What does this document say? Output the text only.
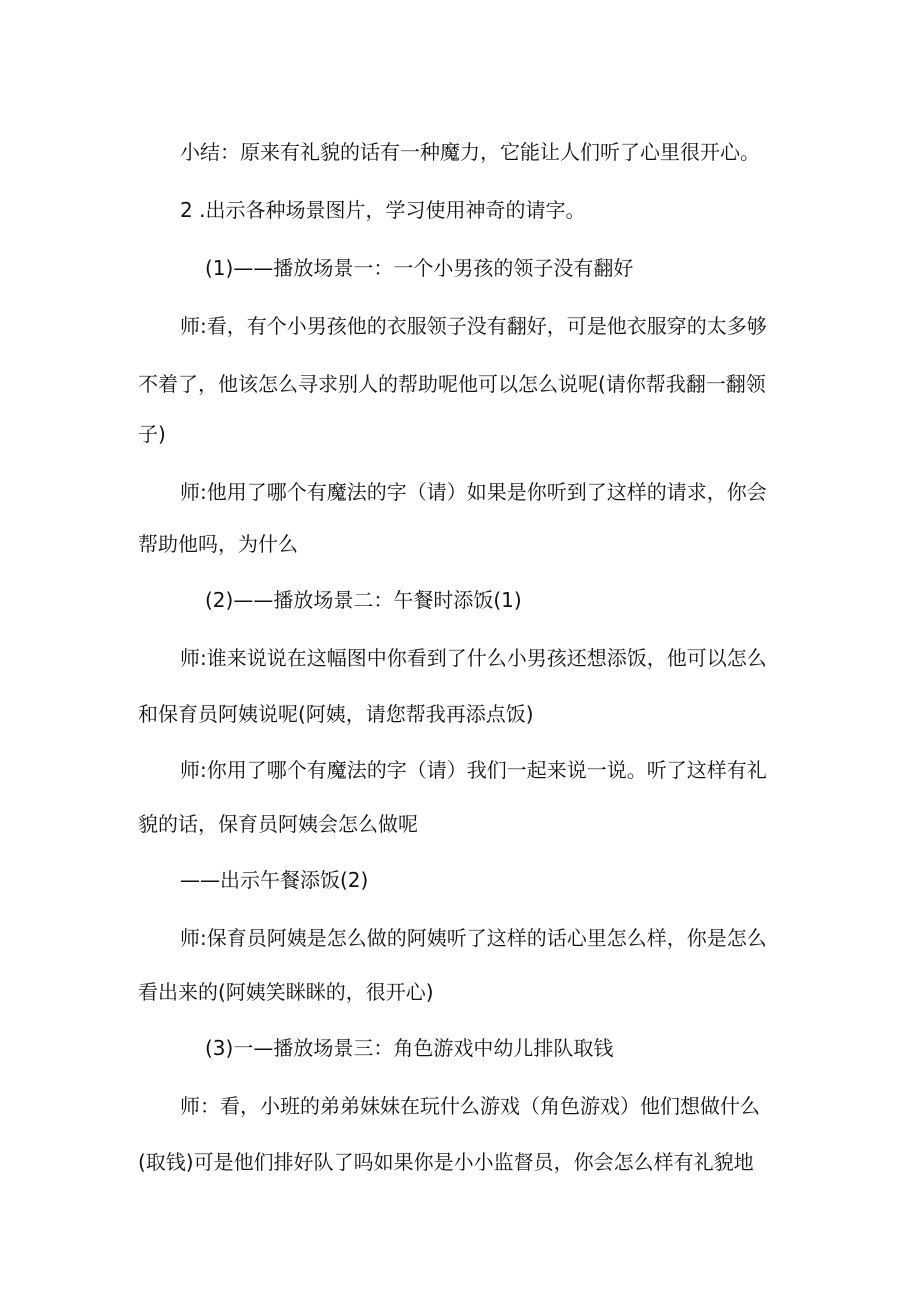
小结：原来有礼貌的话有一种魔力，它能让人们听了心里很开心。
2 .出示各种场景图片，学习使用神奇的请字。
(1)——播放场景一：一个小男孩的领子没有翻好
师:看，有个小男孩他的衣服领子没有翻好，可是他衣服穿的太多够
不着了，他该怎么寻求别人的帮助呢他可以怎么说呢(请你帮我翻一翻领
子)
师:他用了哪个有魔法的字（请）如果是你听到了这样的请求，你会
帮助他吗，为什么
(2)——播放场景二：午餐时添饭(1)
师:谁来说说在这幅图中你看到了什么小男孩还想添饭，他可以怎么
和保育员阿姨说呢(阿姨，请您帮我再添点饭)
师:你用了哪个有魔法的字（请）我们一起来说一说。听了这样有礼
貌的话，保育员阿姨会怎么做呢
——出示午餐添饭(2)
师:保育员阿姨是怎么做的阿姨听了这样的话心里怎么样，你是怎么
看出来的(阿姨笑眯眯的，很开心)
(3)一—播放场景三：角色游戏中幼儿排队取钱
师：看，小班的弟弟妹妹在玩什么游戏（角色游戏）他们想做什么
(取钱)可是他们排好队了吗如果你是小小监督员，你会怎么样有礼貌地
